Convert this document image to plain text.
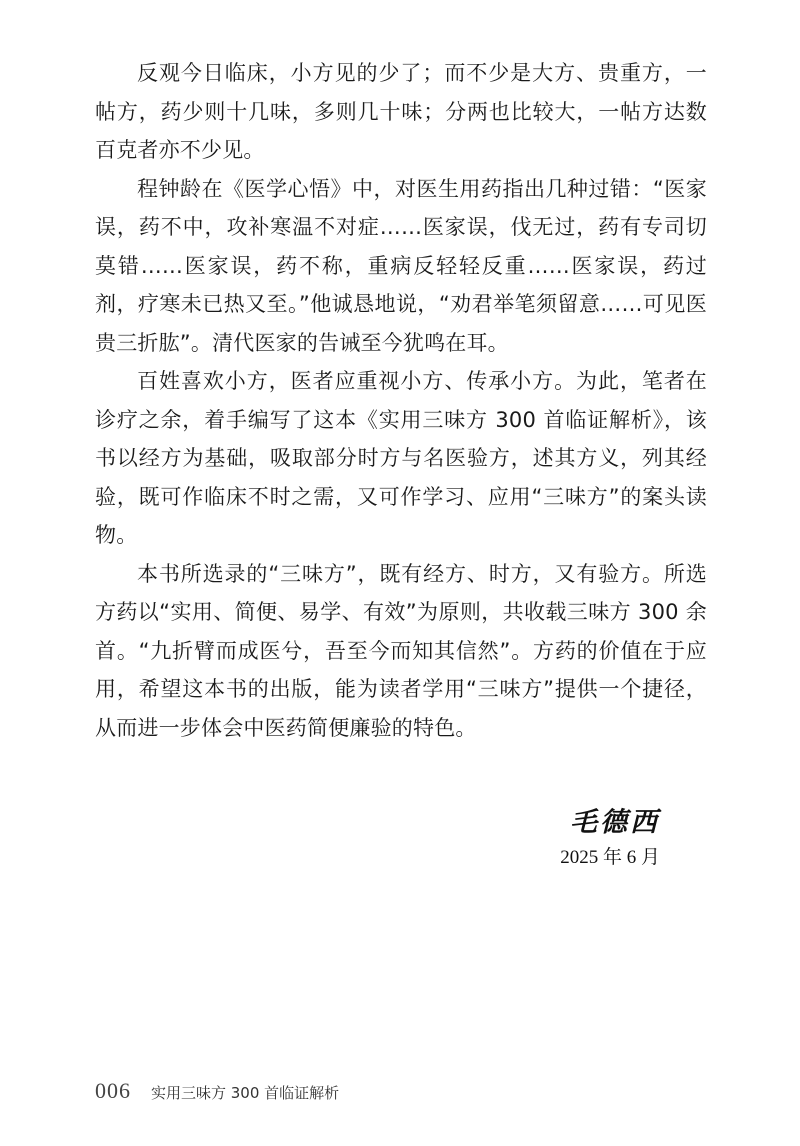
反观今日临床，小方见的少了；而不少是大方、贵重方，一帖方，药少则十几味，多则几十味；分两也比较大，一帖方达数百克者亦不少见。

程钟龄在《医学心悟》中，对医生用药指出几种过错：“医家误，药不中，攻补寒温不对症……医家误，伐无过，药有专司切莫错……医家误，药不称，重病反轻轻反重……医家误，药过剂，疗寒未已热又至。”他诚恳地说，“劝君举笔须留意……可见医贵三折肱”。清代医家的告诫至今犹鸣在耳。

百姓喜欢小方，医者应重视小方、传承小方。为此，笔者在诊疗之余，着手编写了这本《实用三味方 300 首临证解析》，该书以经方为基础，吸取部分时方与名医验方，述其方义，列其经验，既可作临床不时之需，又可作学习、应用“三味方”的案头读物。

本书所选录的“三味方”，既有经方、时方，又有验方。所选方药以“实用、简便、易学、有效”为原则，共收载三味方 300 余首。“九折臂而成医兮，吾至今而知其信然”。方药的价值在于应用，希望这本书的出版，能为读者学用“三味方”提供一个捷径，从而进一步体会中医药简便廉验的特色。

毛德西
2025 年 6 月
006 实用三味方 300 首临证解析
